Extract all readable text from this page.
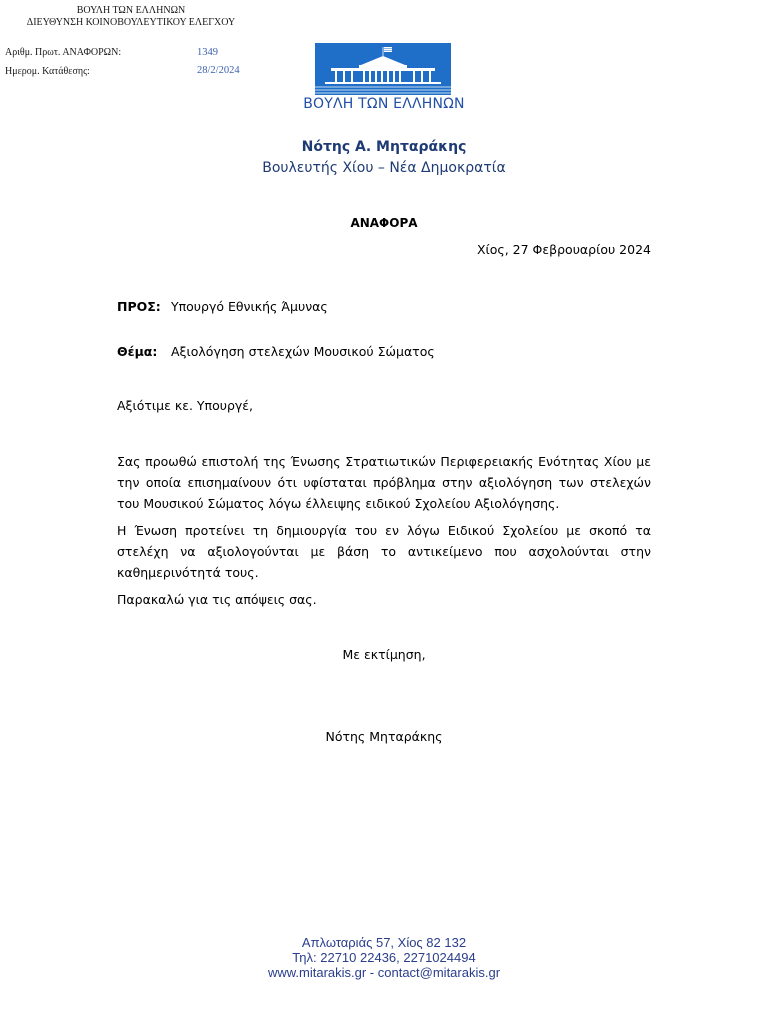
ΒΟΥΛΗ ΤΩΝ ΕΛΛΗΝΩΝ
ΔΙΕΥΘΥΝΣΗ ΚΟΙΝΟΒΟΥΛΕΥΤΙΚΟΥ ΕΛΕΓΧΟΥ
Αριθμ. Πρωτ. ΑΝΑΦΟΡΩΝ:	1349
Ημερομ. Κατάθεσης:	28/2/2024
ΒΟΥΛΗ ΤΩΝ ΕΛΛΗΝΩΝ
Νότης Α. Μηταράκης
Βουλευτής Χίου – Νέα Δημοκρατία
ΑΝΑΦΟΡΑ
Χίος, 27 Φεβρουαρίου 2024
ΠΡΟΣ: Υπουργό Εθνικής Άμυνας
Θέμα: Αξιολόγηση στελεχών Μουσικού Σώματος
Αξιότιμε κε. Υπουργέ,
Σας προωθώ επιστολή της Ένωσης Στρατιωτικών Περιφερειακής Ενότητας Χίου με την οποία επισημαίνουν ότι υφίσταται πρόβλημα στην αξιολόγηση των στελεχών του Μουσικού Σώματος λόγω έλλειψης ειδικού Σχολείου Αξιολόγησης.
Η Ένωση προτείνει τη δημιουργία του εν λόγω Ειδικού Σχολείου με σκοπό τα στελέχη να αξιολογούνται με βάση το αντικείμενο που ασχολούνται στην καθημερινότητά τους.
Παρακαλώ για τις απόψεις σας.
Με εκτίμηση,
Νότης Μηταράκης
Απλωταριάς 57, Χίος 82 132
Τηλ: 22710 22436, 2271024494
www.mitarakis.gr - contact@mitarakis.gr
